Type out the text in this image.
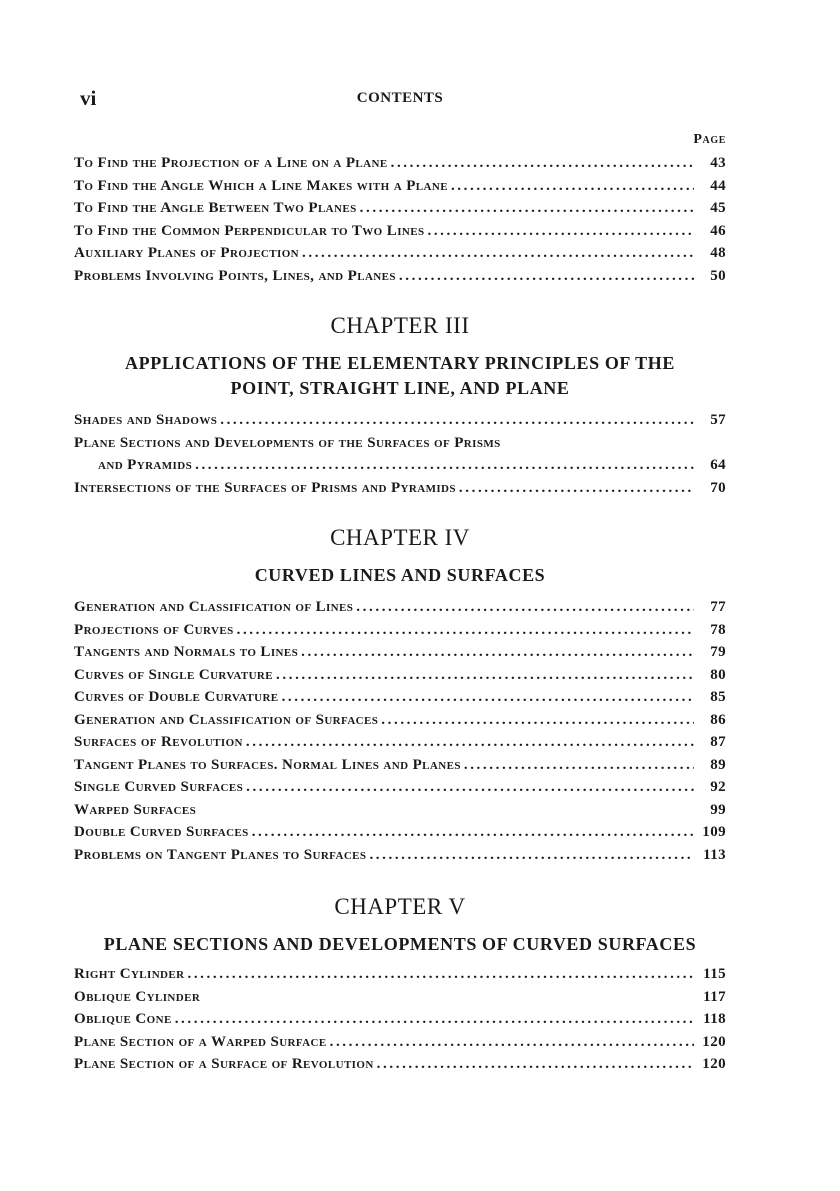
vi	CONTENTS
Page
To Find the Projection of a Line on a Plane .....	43
To Find the Angle Which a Line Makes with a Plane .....	44
To Find the Angle Between Two Planes .....	45
To Find the Common Perpendicular to Two Lines .....	46
Auxiliary Planes of Projection .....	48
Problems Involving Points, Lines, and Planes .....	50
CHAPTER III

APPLICATIONS OF THE ELEMENTARY PRINCIPLES OF THE

POINT, STRAIGHT LINE, AND PLANE

Shades and Shadows .....	57
Plane Sections and Developments of the Surfaces of Prisms
and Pyramids .....	64
Intersections of the Surfaces of Prisms and Pyramids .....	70
CHAPTER IV

CURVED LINES AND SURFACES

Generation and Classification of Lines .....	77
Projections of Curves .....	78
Tangents and Normals to Lines .....	79
Curves of Single Curvature .....	80
Curves of Double Curvature .....	85
Generation and Classification of Surfaces .....	86
Surfaces of Revolution .....	87
Tangent Planes to Surfaces. Normal Lines and Planes .....	89
Single Curved Surfaces .....	92
Warped Surfaces	99
Double Curved Surfaces .....	109
Problems on Tangent Planes to Surfaces .....	113
CHAPTER V

PLANE SECTIONS AND DEVELOPMENTS OF CURVED SURFACES

Right Cylinder .....	115
Oblique Cylinder	117
Oblique Cone .....	118
Plane Section of a Warped Surface .....	120
Plane Section of a Surface of Revolution .....	120
